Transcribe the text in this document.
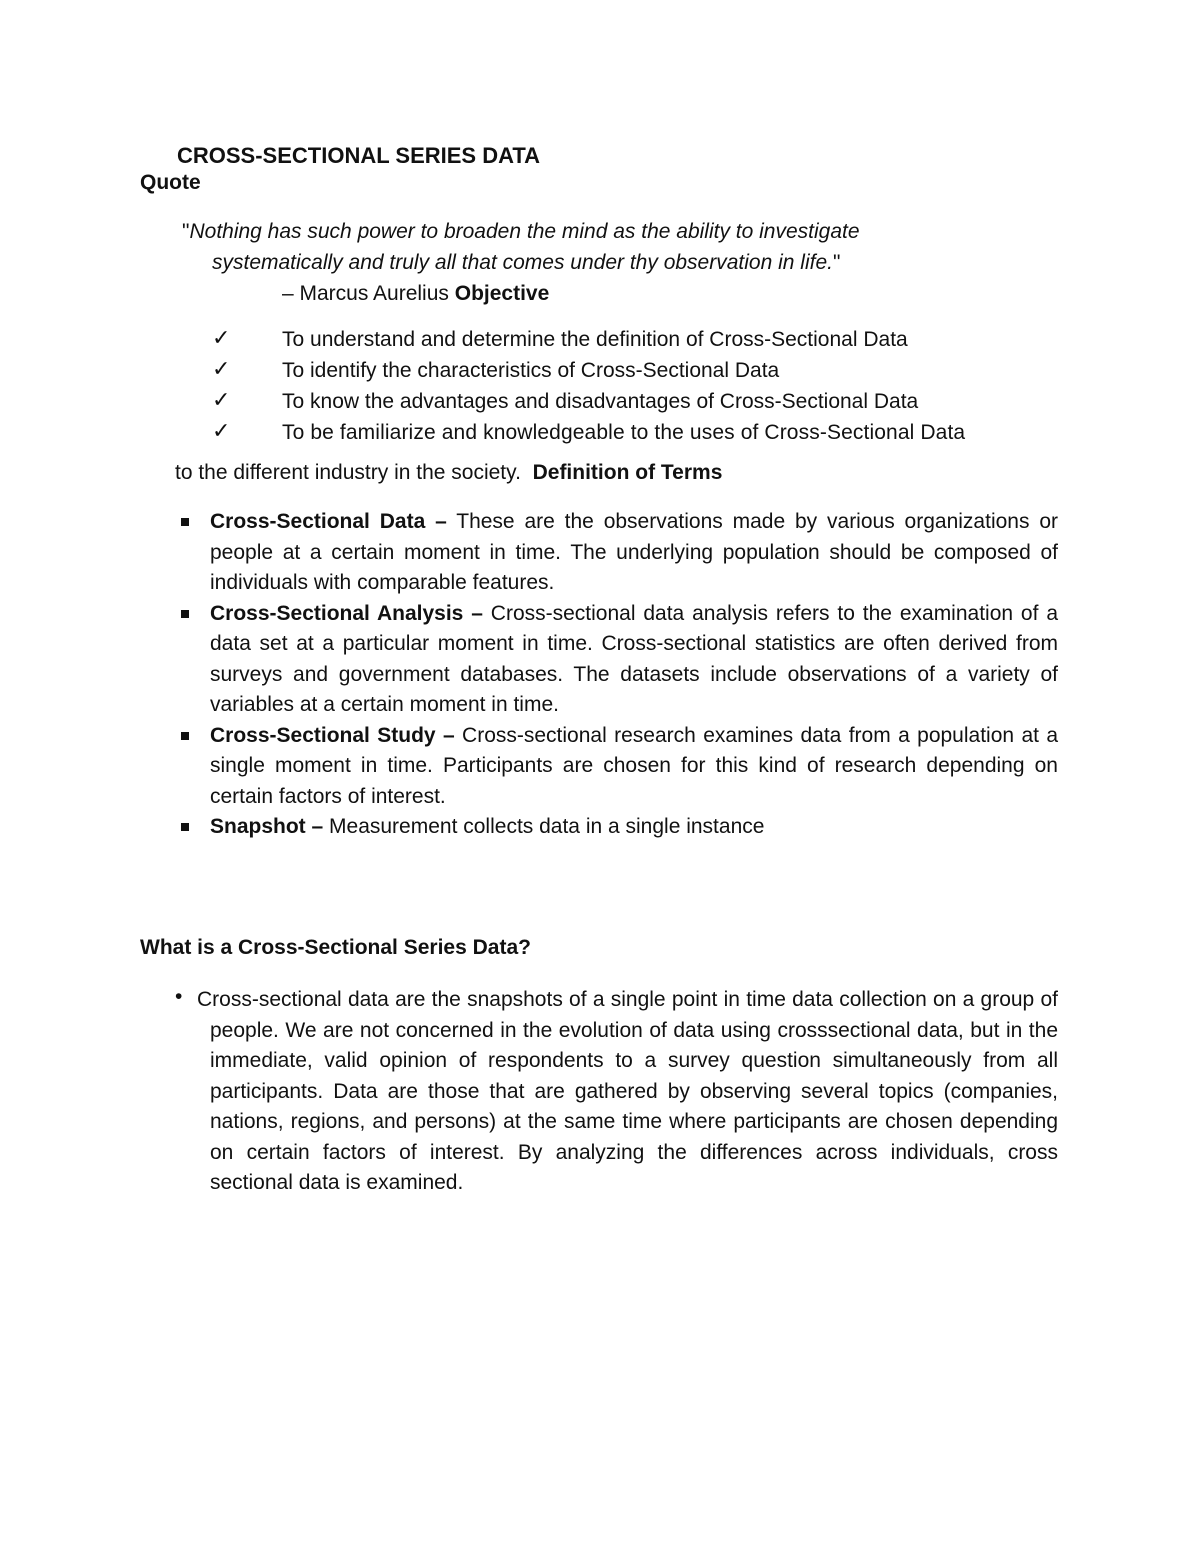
CROSS-SECTIONAL SERIES DATA
Quote
"Nothing has such power to broaden the mind as the ability to investigate
systematically and truly all that comes under thy observation in life."
– Marcus Aurelius Objective
✓ To understand and determine the definition of Cross-Sectional Data
✓ To identify the characteristics of Cross-Sectional Data
✓ To know the advantages and disadvantages of Cross-Sectional Data
✓ To be familiarize and knowledgeable to the uses of Cross-Sectional Data
to the different industry in the society. Definition of Terms

Cross-Sectional Data – These are the observations made by various organizations or people at a certain moment in time. The underlying population should be composed of individuals with comparable features.

Cross-Sectional Analysis – Cross-sectional data analysis refers to the examination of a data set at a particular moment in time. Cross-sectional statistics are often derived from surveys and government databases. The datasets include observations of a variety of variables at a certain moment in time.

Cross-Sectional Study – Cross-sectional research examines data from a population at a single moment in time. Participants are chosen for this kind of research depending on certain factors of interest.

Snapshot – Measurement collects data in a single instance

What is a Cross-Sectional Series Data?
• Cross-sectional data are the snapshots of a single point in time data collection on a group of people. We are not concerned in the evolution of data using crosssectional data, but in the immediate, valid opinion of respondents to a survey question simultaneously from all participants. Data are those that are gathered by observing several topics (companies, nations, regions, and persons) at the same time where participants are chosen depending on certain factors of interest. By analyzing the differences across individuals, cross sectional data is examined.
